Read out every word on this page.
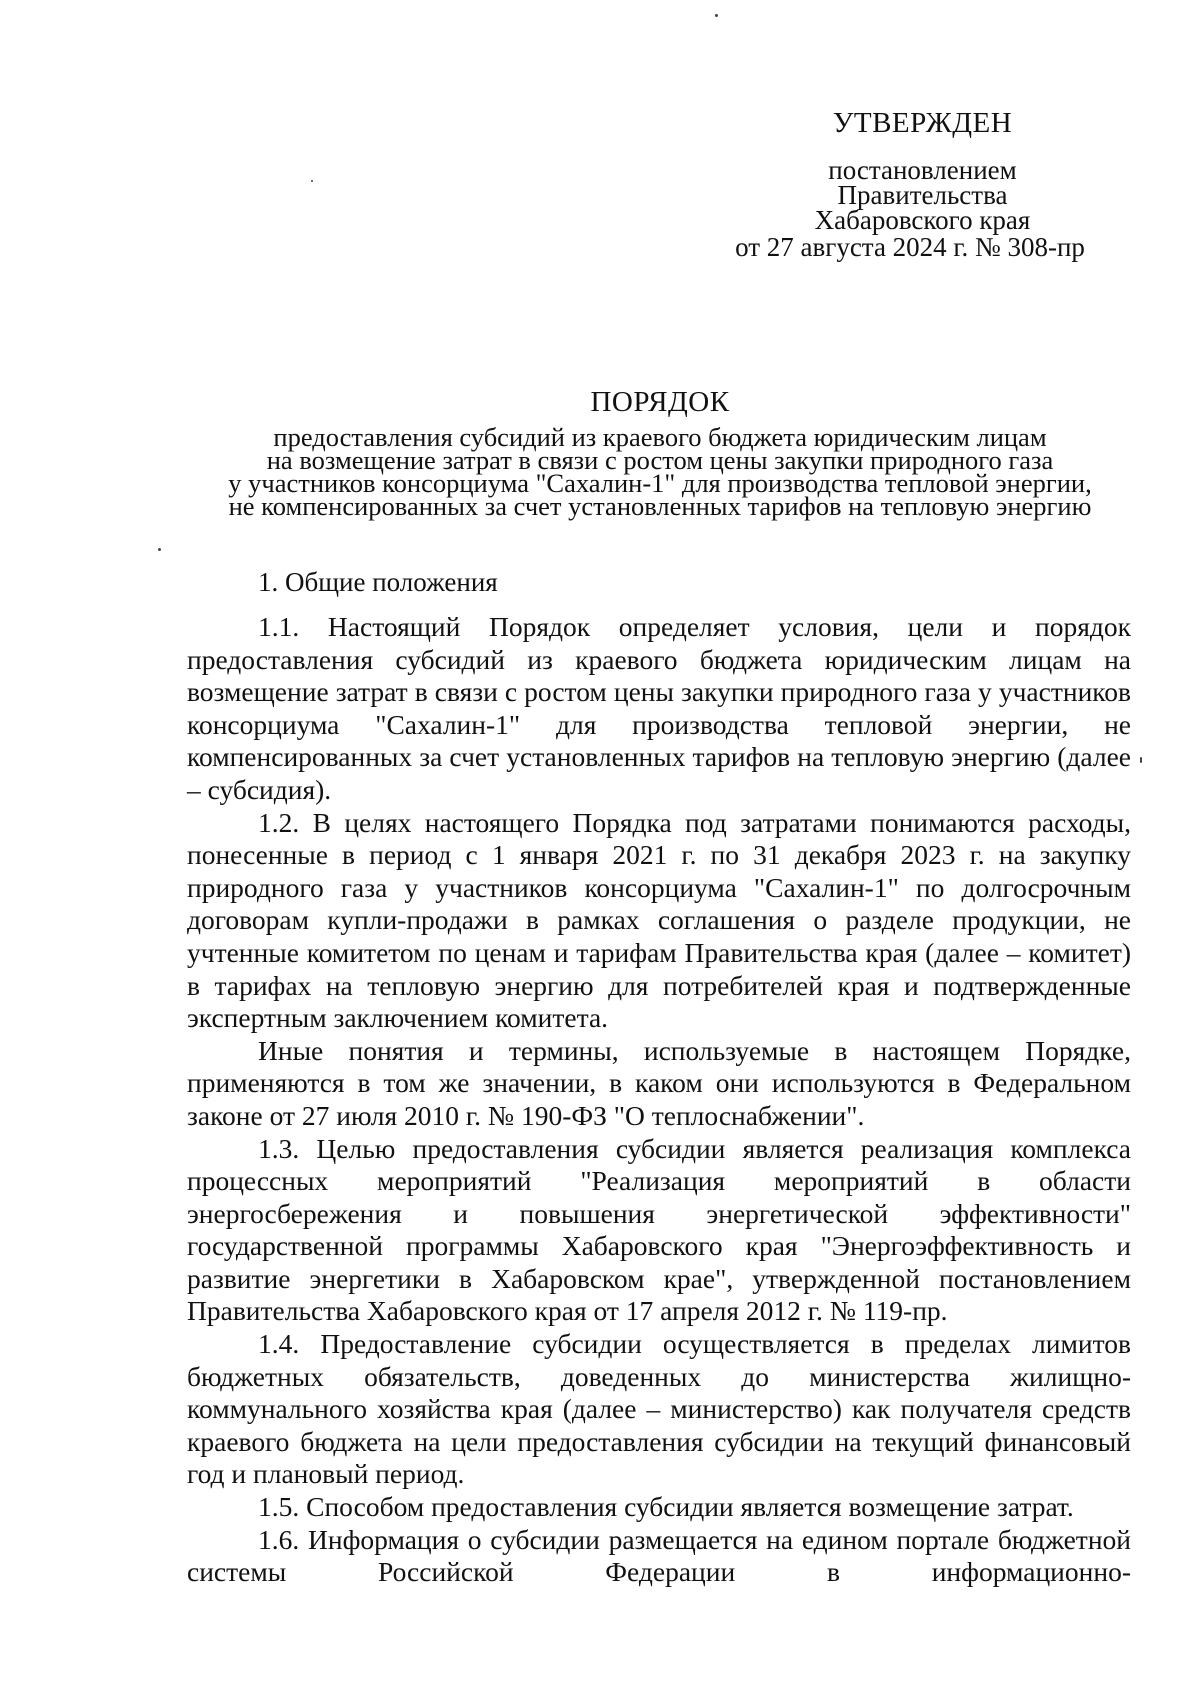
УТВЕРЖДЕН
постановлением
Правительства
Хабаровского края
от 27 августа 2024 г. № 308-пр
ПОРЯДОК
предоставления субсидий из краевого бюджета юридическим лицам
на возмещение затрат в связи с ростом цены закупки природного газа
у участников консорциума "Сахалин-1" для производства тепловой энергии,
не компенсированных за счет установленных тарифов на тепловую энергию
1. Общие положения

1.1. Настоящий Порядок определяет условия, цели и порядок предоставления субсидий из краевого бюджета юридическим лицам на возмещение затрат в связи с ростом цены закупки природного газа у участников консорциума "Сахалин-1" для производства тепловой энергии, не компенсированных за счет установленных тарифов на тепловую энергию (далее – субсидия).

1.2. В целях настоящего Порядка под затратами понимаются расходы, понесенные в период с 1 января 2021 г. по 31 декабря 2023 г. на закупку природного газа у участников консорциума "Сахалин-1" по долгосрочным договорам купли-продажи в рамках соглашения о разделе продукции, не учтенные комитетом по ценам и тарифам Правительства края (далее – комитет) в тарифах на тепловую энергию для потребителей края и подтвержденные экспертным заключением комитета.

Иные понятия и термины, используемые в настоящем Порядке, применяются в том же значении, в каком они используются в Федеральном законе от 27 июля 2010 г. № 190-ФЗ "О теплоснабжении".

1.3. Целью предоставления субсидии является реализация комплекса процессных мероприятий "Реализация мероприятий в области энергосбережения и повышения энергетической эффективности" государственной программы Хабаровского края "Энергоэффективность и развитие энергетики в Хабаровском крае", утвержденной постановлением Правительства Хабаровского края от 17 апреля 2012 г. № 119-пр.

1.4. Предоставление субсидии осуществляется в пределах лимитов бюджетных обязательств, доведенных до министерства жилищно-коммунального хозяйства края (далее – министерство) как получателя средств краевого бюджета на цели предоставления субсидии на текущий финансовый год и плановый период.

1.5. Способом предоставления субсидии является возмещение затрат.

1.6. Информация о субсидии размещается на едином портале бюджетной системы Российской Федерации в информационно-
